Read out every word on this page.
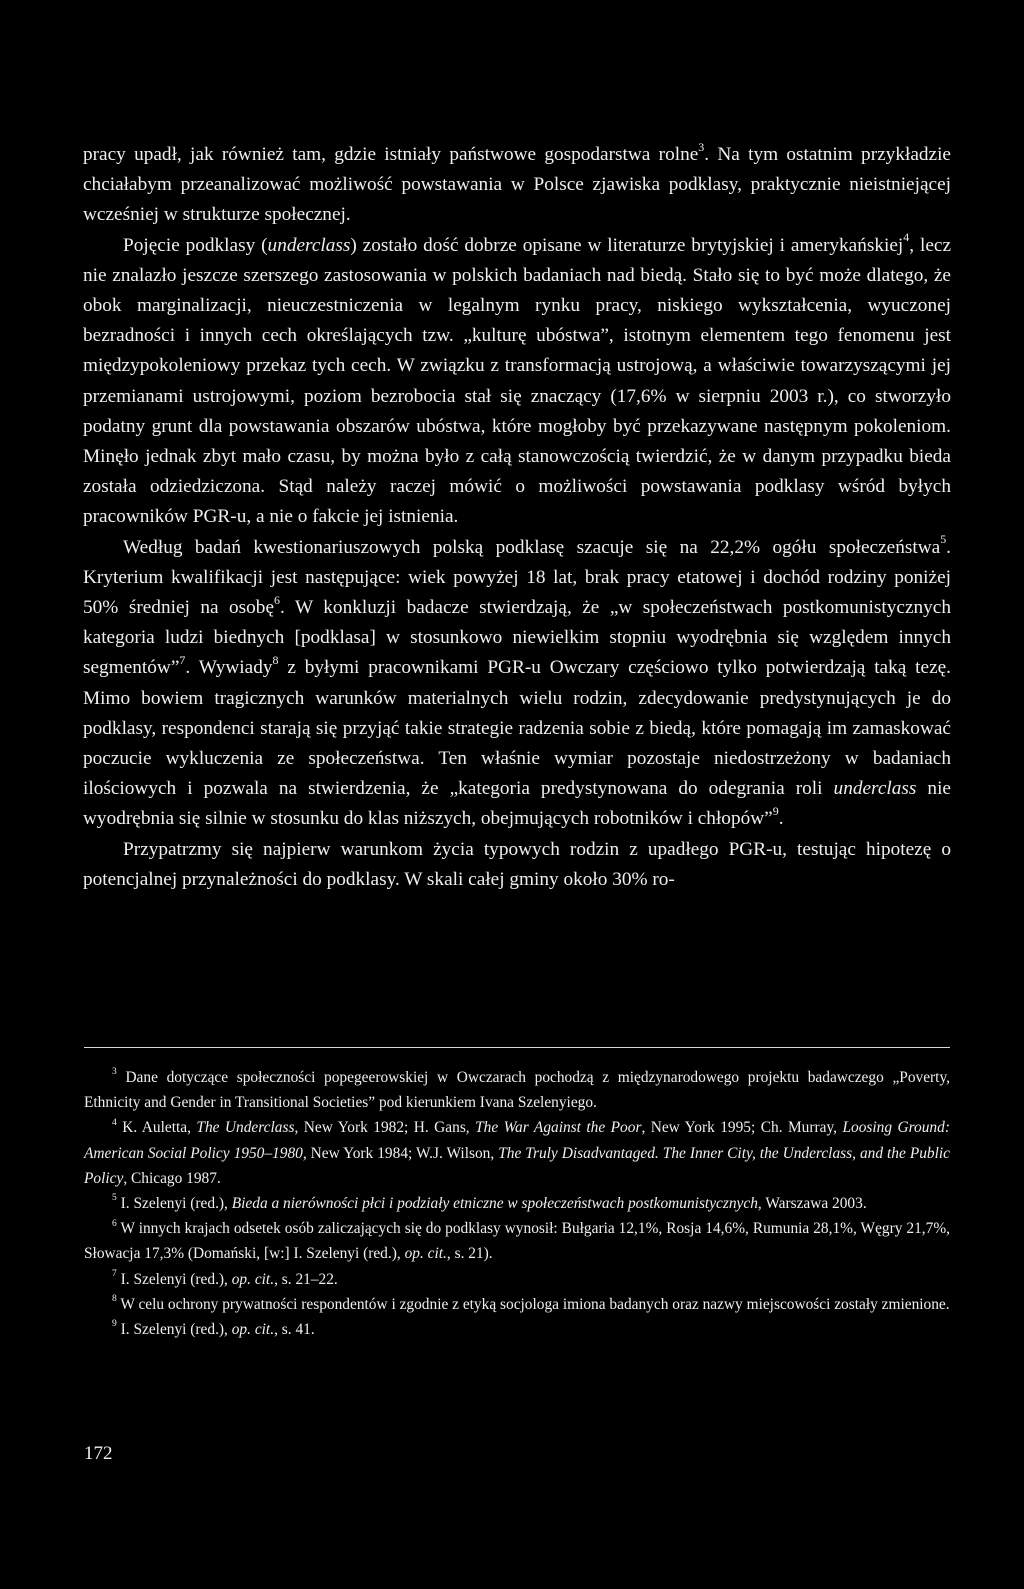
pracy upadł, jak również tam, gdzie istniały państwowe gospodarstwa rolne$^3$. Na tym ostatnim przykładzie chciałabym przeanalizować możliwość powstawania w Polsce zjawiska podklasy, praktycznie nieistniejącej wcześniej w strukturze społecznej.

Pojęcie podklasy (underclass) zostało dość dobrze opisane w literaturze brytyjskiej i amerykańskiej$^4$, lecz nie znalazło jeszcze szerszego zastosowania w polskich badaniach nad biedą. Stało się to być może dlatego, że obok marginalizacji, nieuczestniczenia w legalnym rynku pracy, niskiego wykształcenia, wyuczonej bezradności i innych cech określających tzw. „kulturę ubóstwa”, istotnym elementem tego fenomenu jest międzypokoleniowy przekaz tych cech. W związku z transformacją ustrojową, a właściwie towarzyszącymi jej przemianami ustrojowymi, poziom bezrobocia stał się znaczący (17,6% w sierpniu 2003 r.), co stworzyło podatny grunt dla powstawania obszarów ubóstwa, które mogłoby być przekazywane następnym pokoleniom. Minęło jednak zbyt mało czasu, by można było z całą stanowczością twierdzić, że w danym przypadku bieda została odziedziczona. Stąd należy raczej mówić o możliwości powstawania podklasy wśród byłych pracowników PGR-u, a nie o fakcie jej istnienia.

Według badań kwestionariuszowych polską podklasę szacuje się na 22,2% ogółu społeczeństwa$^5$. Kryterium kwalifikacji jest następujące: wiek powyżej 18 lat, brak pracy etatowej i dochód rodziny poniżej 50% średniej na osobę$^6$. W konkluzji badacze stwierdzają, że „w społeczeństwach postkomunistycznych kategoria ludzi biednych [podklasa] w stosunkowo niewielkim stopniu wyodrębnia się względem innych segmentów”$^7$. Wywiady$^8$ z byłymi pracownikami PGR-u Owczary częściowo tylko potwierdzają taką tezę. Mimo bowiem tragicznych warunków materialnych wielu rodzin, zdecydowanie predystynujących je do podklasy, respondenci starają się przyjąć takie strategie radzenia sobie z biedą, które pomagają im zamaskować poczucie wykluczenia ze społeczeństwa. Ten właśnie wymiar pozostaje niedostrzeżony w badaniach ilościowych i pozwala na stwierdzenia, że „kategoria predystynowana do odegrania roli underclass nie wyodrębnia się silnie w stosunku do klas niższych, obejmujących robotników i chłopów”$^9$.

Przypatrzmy się najpierw warunkom życia typowych rodzin z upadłego PGR-u, testując hipotezę o potencjalnej przynależności do podklasy. W skali całej gminy około 30% ro-

$^3$ Dane dotyczące społeczności popegeerowskiej w Owczarach pochodzą z międzynarodowego projektu badawczego „Poverty, Ethnicity and Gender in Transitional Societies” pod kierunkiem Ivana Szelenyiego.

$^4$ K. Auletta, The Underclass, New York 1982; H. Gans, The War Against the Poor, New York 1995; Ch. Murray, Loosing Ground: American Social Policy 1950–1980, New York 1984; W.J. Wilson, The Truly Disadvantaged. The Inner City, the Underclass, and the Public Policy, Chicago 1987.

$^5$ I. Szelenyi (red.), Bieda a nierówności płci i podziały etniczne w społeczeństwach postkomunistycznych, Warszawa 2003.

$^6$ W innych krajach odsetek osób zaliczających się do podklasy wynosił: Bułgaria 12,1%, Rosja 14,6%, Rumunia 28,1%, Węgry 21,7%, Słowacja 17,3% (Domański, [w:] I. Szelenyi (red.), op. cit., s. 21).

$^7$ I. Szelenyi (red.), op. cit., s. 21–22.

$^8$ W celu ochrony prywatności respondentów i zgodnie z etyką socjologa imiona badanych oraz nazwy miejscowości zostały zmienione.

$^9$ I. Szelenyi (red.), op. cit., s. 41.

172
